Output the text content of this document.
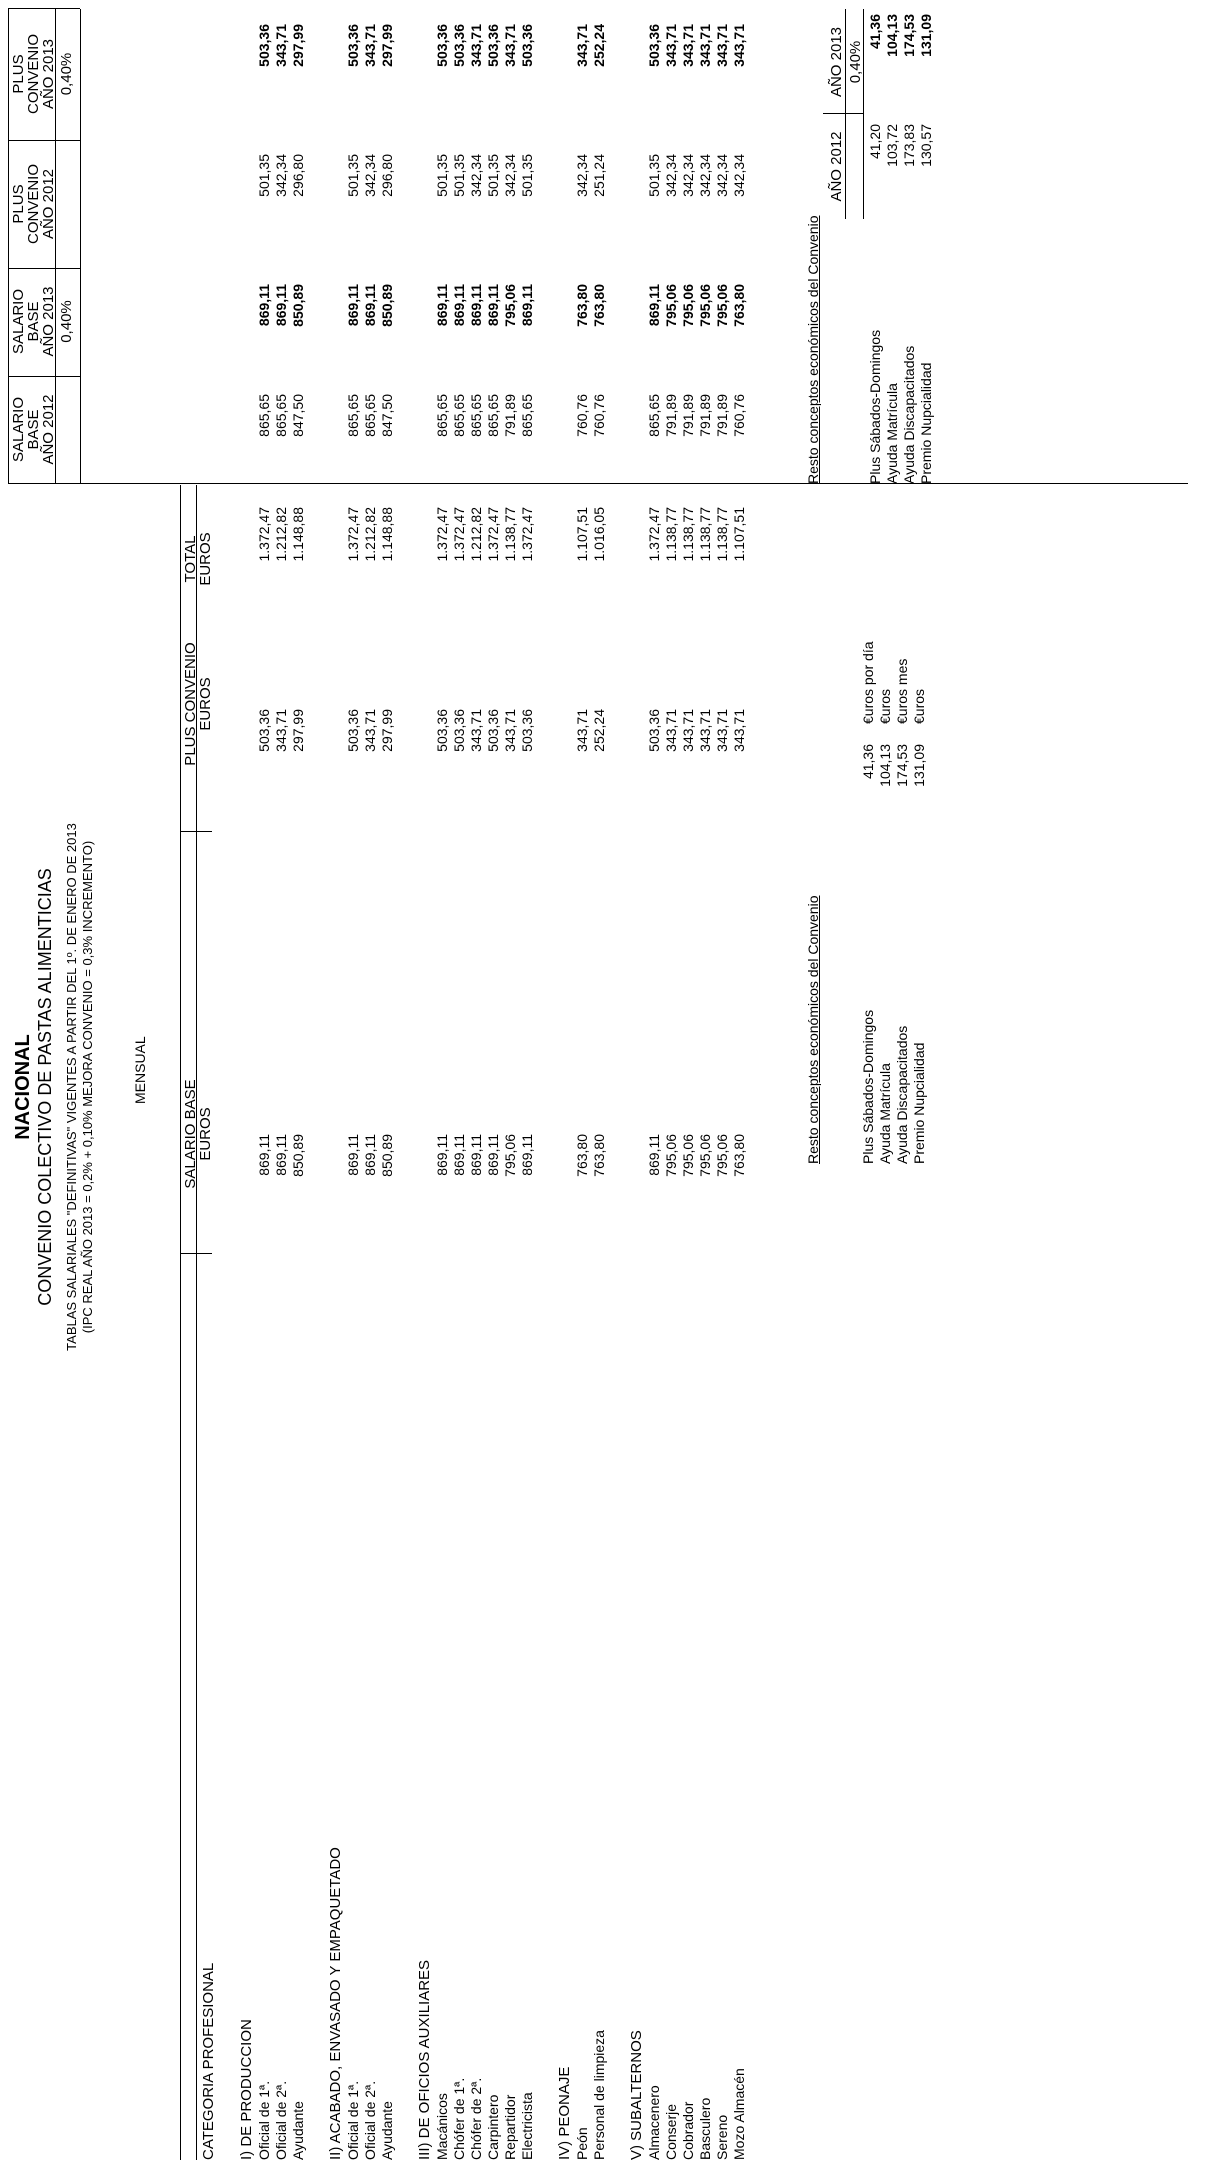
NACIONAL CONVENIO COLECTIVO DE PASTAS ALIMENTICIAS TABLAS SALARIALES "DEFINITIVAS" VIGENTES A PARTIR DEL 1º. DE ENERO DE 2013 (IPC REAL AÑO 2013 = 0,2% + 0,10% MEJORA CONVENIO = 0,3% INCREMENTO)	MENSUAL
CATEGORIA PROFESIONAL
SALARIO BASE
EUROS
PLUS CONVENIO
EUROS
TOTAL
EUROS
SALARIO
BASE
AÑO 2012
SALARIO
BASE
AÑO 2013 0,40%
PLUS
CONVENIO
AÑO 2012
PLUS
CONVENIO
AÑO 2013 0,40%
I) DE PRODUCCION Oficial de 1ª.
869,11
503,36
1.372,47
865,65
869,11
501,35
503,36
Oficial de 2ª.
869,11
343,71
1.212,82
865,65
869,11
342,34
343,71
Ayudante
850,89
297,99
1.148,88
847,50
850,89
296,80
297,99
II) ACABADO, ENVASADO Y EMPAQUETADO Oficial de 1ª.
869,11
503,36
1.372,47
865,65
869,11
501,35
503,36
Oficial de 2ª.
869,11
343,71
1.212,82
865,65
869,11
342,34
343,71
Ayudante
850,89
297,99
1.148,88
847,50
850,89
296,80
297,99
III) DE OFICIOS AUXILIARES Macánicos
869,11
503,36
1.372,47
865,65
869,11
501,35
503,36
Chófer de 1ª.
869,11
503,36
1.372,47
865,65
869,11
501,35
503,36
Chófer de 2ª.
869,11
343,71
1.212,82
865,65
869,11
342,34
343,71
Carpintero
869,11
503,36
1.372,47
865,65
869,11
501,35
503,36
Repartidor
795,06
343,71
1.138,77
791,89
795,06
342,34
343,71
Electricista
869,11
503,36
1.372,47
865,65
869,11
501,35
503,36
IV) PEONAJE Peón
763,80
343,71
1.107,51
760,76
763,80
342,34
343,71
Personal de limpieza
763,80
252,24
1.016,05
760,76
763,80
251,24
252,24
V) SUBALTERNOS Almacenero
869,11
503,36
1.372,47
865,65
869,11
501,35
503,36
Conserje
795,06
343,71
1.138,77
791,89
795,06
342,34
343,71
Cobrador
795,06
343,71
1.138,77
791,89
795,06
342,34
343,71
Basculero
795,06
343,71
1.138,77
791,89
795,06
342,34
343,71
Sereno
795,06
343,71
1.138,77
791,89
795,06
342,34
343,71
Mozo Almacén
763,80
343,71
1.107,51
760,76
763,80
342,34
343,71
Resto conceptos económicos del Convenio	Plus Sábados-Domingos
41,36
€uros por día
Ayuda Matrícula
104,13
€uros
Ayuda Discapacitados
174,53
€uros mes
Premio Nupcialidad
131,09
€uros
Resto conceptos económicos del Convenio
AÑO 2012
AÑO 2013 0,40%
Plus Sábados-Domingos
41,20
41,36
Ayuda Matrícula
103,72
104,13
Ayuda Discapacitados
173,83
174,53
Premio Nupcialidad
130,57
131,09
